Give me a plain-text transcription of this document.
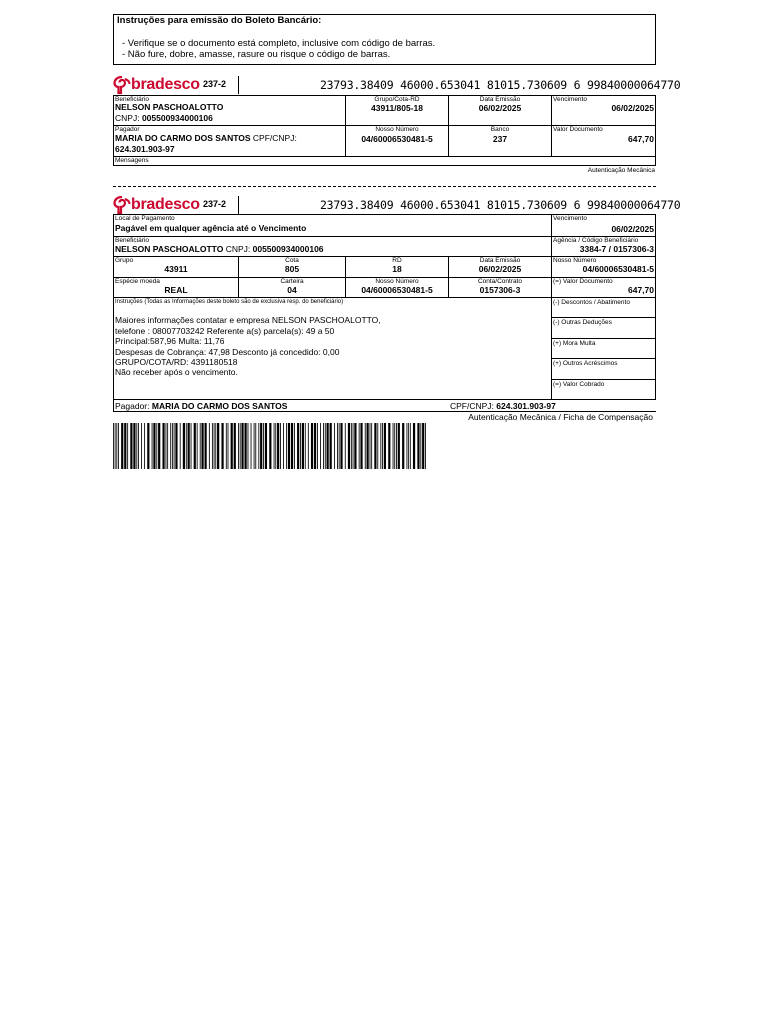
Instruções para emissão do Boleto Bancário:
- Verifique se o documento está completo, inclusive com código de barras.
- Não fure, dobre, amasse, rasure ou risque o código de barras.
bradesco 237-2	23793.38409 46000.653041 81015.730609 6 99840000064770
Beneficiário
NELSON PASCHOALOTTO
CNPJ: 005500934000106
Grupo/Cota-RD
43911/805-18
Data Emissão
06/02/2025
Vencimento
06/02/2025
Pagador
MARIA DO CARMO DOS SANTOS CPF/CNPJ:
624.301.903-97
Nosso Número
04/60006530481-5
Banco
237
Valor Documento
647,70
Mensagens
Autenticação Mecânica
bradesco 237-2	23793.38409 46000.653041 81015.730609 6 99840000064770
Local de Pagamento
Pagável em qualquer agência até o Vencimento
Vencimento
06/02/2025
Beneficiário
NELSON PASCHOALOTTO CNPJ: 005500934000106
Agência / Código Beneficiário
3384-7 / 0157306-3
Grupo
43911
Cota
805
RD
18
Data Emissão
06/02/2025
Nosso Número
04/60006530481-5
Espécie moeda
REAL
Carteira
04
Nosso Número
04/60006530481-5
Conta/Contrato
0157306-3
(=) Valor Documento
647,70
Instruções (Todas as Informações deste boleto são de exclusiva resp. do beneficiário)
Maiores informações contatar e empresa NELSON PASCHOALOTTO,
telefone : 08007703242 Referente a(s) parcela(s): 49 a 50
Principal:587,96 Multa: 11,76
Despesas de Cobrança: 47,98 Desconto já concedido: 0,00
GRUPO/COTA/RD: 4391180518
Não receber após o vencimento.
(-) Descontos / Abatimento
(-) Outras Deduções
(+) Mora Multa
(+) Outros Acréscimos
(=) Valor Cobrado
Pagador: MARIA DO CARMO DOS SANTOS	CPF/CNPJ: 624.301.903-97
Autenticação Mecânica / Ficha de Compensação
